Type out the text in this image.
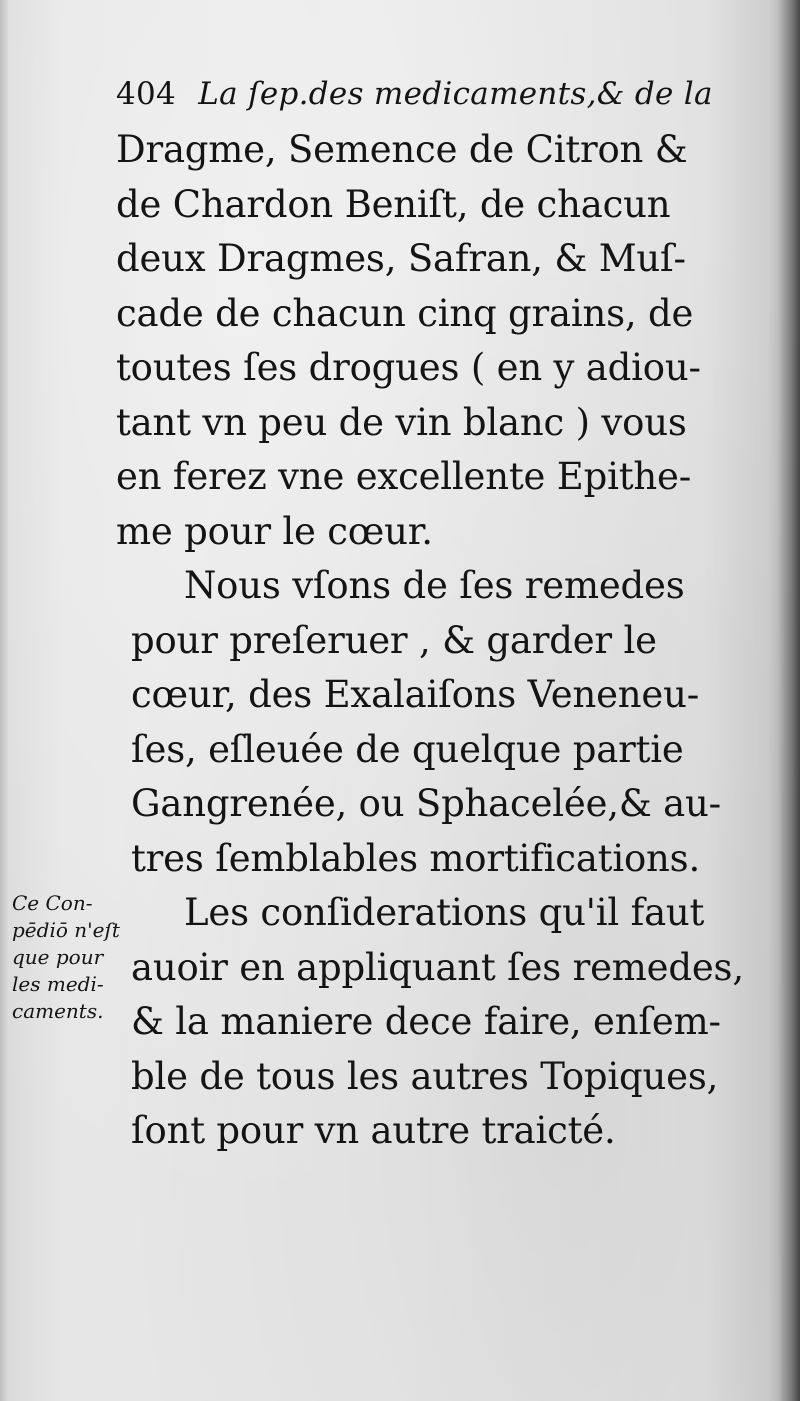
404 La ſep.des medicaments,& de la
Dragme, Semence de Citron &
de Chardon Beniſt, de chacun
deux Dragmes, Safran, & Muſ-
cade de chacun cinq grains, de
toutes ſes drogues ( en y adiou-
tant vn peu de vin blanc ) vous
en ferez vne excellente Epithe-
me pour le cœur.
Nous vſons de ſes remedes
pour preſeruer , & garder le
cœur, des Exalaiſons Veneneu-
ſes, eſleuée de quelque partie
Gangrenée, ou Sphacelée,& au-
tres ſemblables mortifications.
Les conſiderations qu'il faut
auoir en appliquant ſes remedes,
& la maniere dece faire, enſem-
ble de tous les autres Topiques,
ſont pour vn autre traicté.
Ce Con-
pēdiō n'eſt
que pour
les medi-
caments.
